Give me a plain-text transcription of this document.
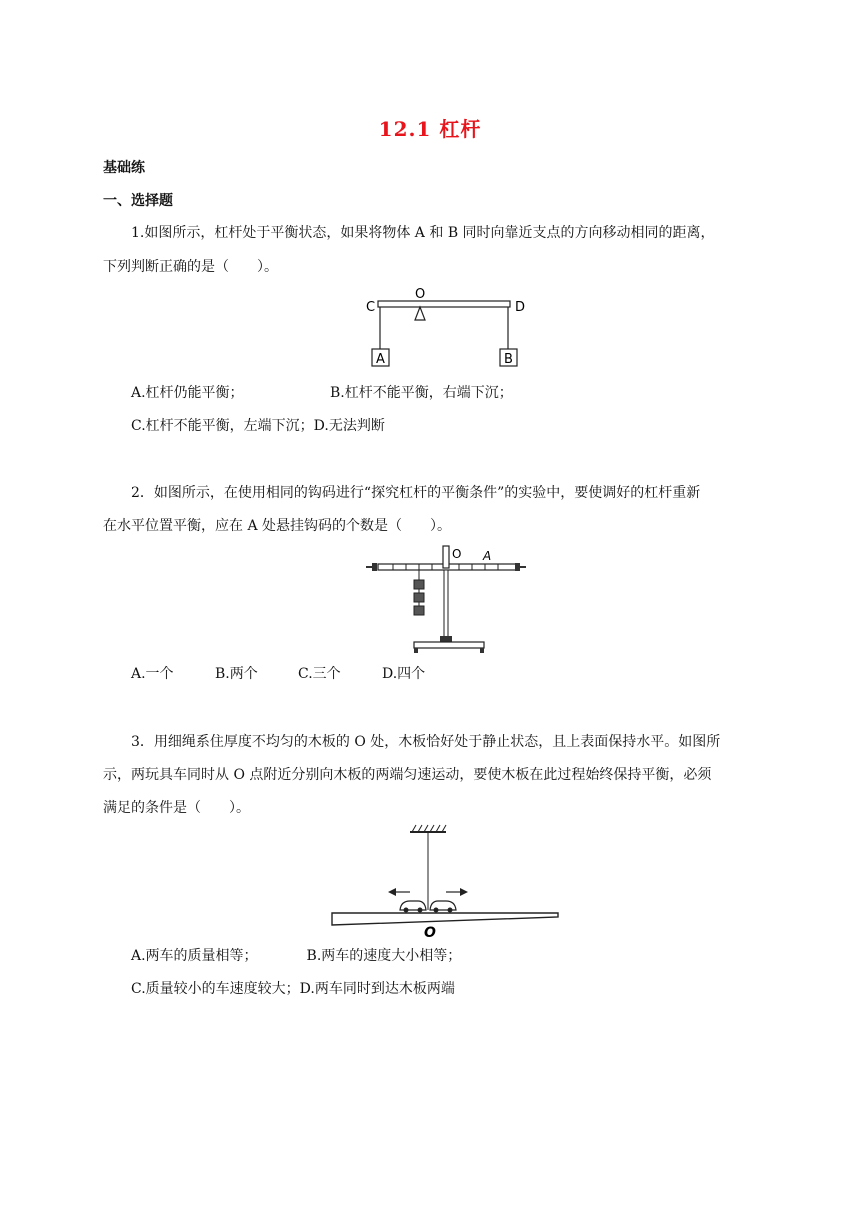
12.1 杠杆
基础练
一、选择题
1.如图所示，杠杆处于平衡状态，如果将物体 A 和 B 同时向靠近支点的方向移动相同的距离，
下列判断正确的是（　　）。
C
O
D
A	B
A.杠杆仍能平衡；	B.杠杆不能平衡，右端下沉；
C.杠杆不能平衡，左端下沉；D.无法判断
2．如图所示，在使用相同的钩码进行“探究杠杆的平衡条件”的实验中，要使调好的杠杆重新
在水平位置平衡，应在 A 处悬挂钩码的个数是（　　）。
O A
A.一个	B.两个	C.三个	D.四个
3．用细绳系住厚度不均匀的木板的 O 处，木板恰好处于静止状态，且上表面保持水平。如图所
示，两玩具车同时从 O 点附近分别向木板的两端匀速运动，要使木板在此过程始终保持平衡，必须
满足的条件是（　　）。
O
A.两车的质量相等；　　　　B.两车的速度大小相等；
C.质量较小的车速度较大；D.两车同时到达木板两端
